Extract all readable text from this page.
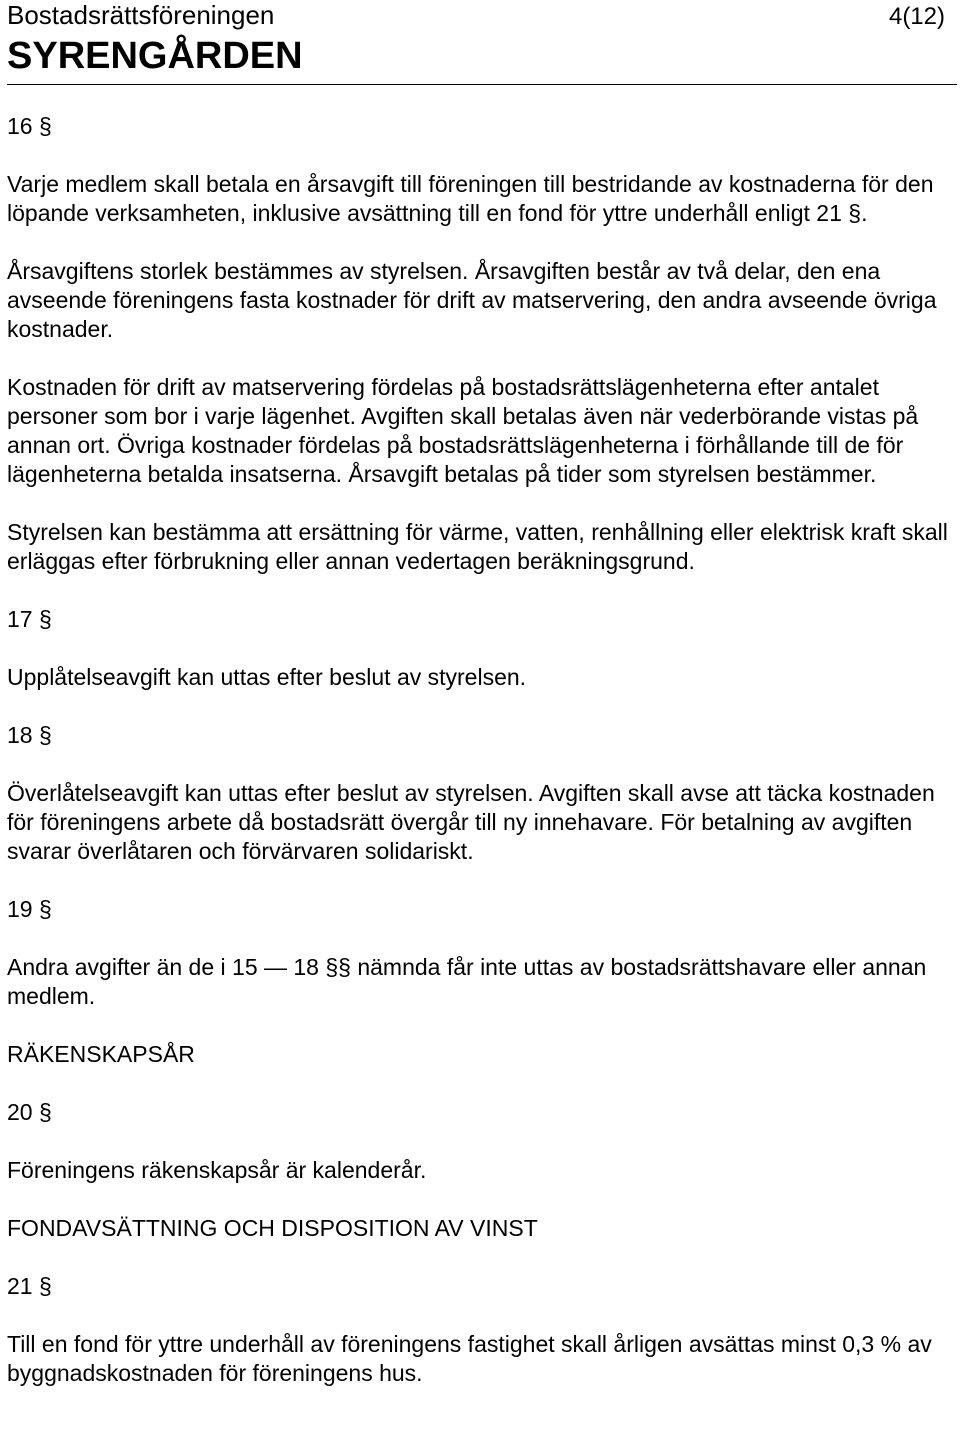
Bostadsrättsföreningen
SYRENGÅRDEN
4(12)

16 §

Varje medlem skall betala en årsavgift till föreningen till bestridande av kostnaderna för den löpande verksamheten, inklusive avsättning till en fond för yttre underhåll enligt 21 §.

Årsavgiftens storlek bestämmes av styrelsen. Årsavgiften består av två delar, den ena avseende föreningens fasta kostnader för drift av matservering, den andra avseende övriga kostnader.

Kostnaden för drift av matservering fördelas på bostadsrättslägenheterna efter antalet personer som bor i varje lägenhet. Avgiften skall betalas även när vederbörande vistas på annan ort. Övriga kostnader fördelas på bostadsrättslägenheterna i förhållande till de för lägenheterna betalda insatserna. Årsavgift betalas på tider som styrelsen bestämmer.

Styrelsen kan bestämma att ersättning för värme, vatten, renhållning eller elektrisk kraft skall erläggas efter förbrukning eller annan vedertagen beräkningsgrund.

17 §

Upplåtelseavgift kan uttas efter beslut av styrelsen.

18 §

Överlåtelseavgift kan uttas efter beslut av styrelsen. Avgiften skall avse att täcka kostnaden för föreningens arbete då bostadsrätt övergår till ny innehavare. För betalning av avgiften svarar överlåtaren och förvärvaren solidariskt.

19 §

Andra avgifter än de i 15 — 18 §§ nämnda får inte uttas av bostadsrättshavare eller annan medlem.

RÄKENSKAPSÅR

20 §

Föreningens räkenskapsår är kalenderår.

FONDAVSÄTTNING OCH DISPOSITION AV VINST

21 §

Till en fond för yttre underhåll av föreningens fastighet skall årligen avsättas minst 0,3 % av byggnadskostnaden för föreningens hus.
